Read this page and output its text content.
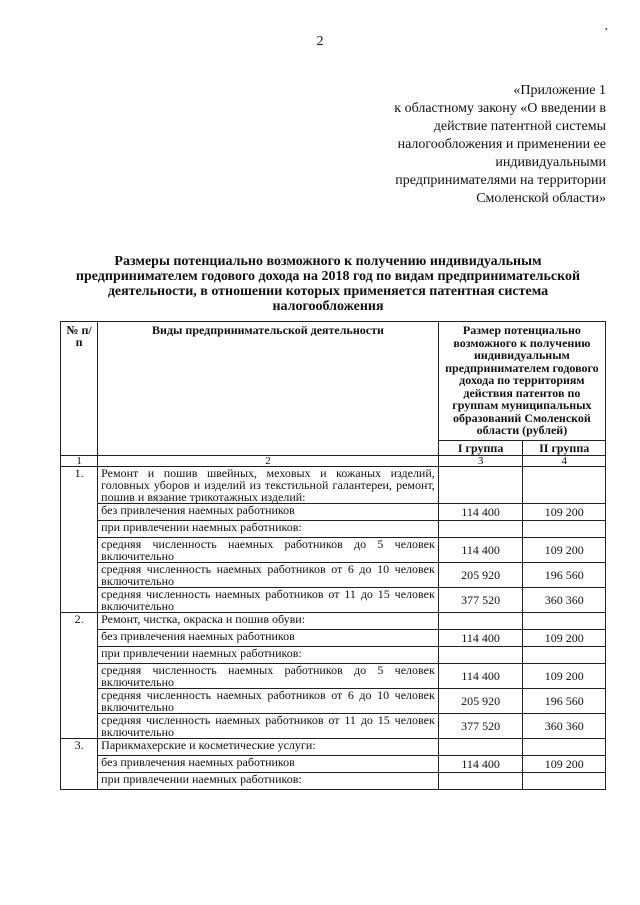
2
․
«Приложение 1
к областному закону «О введении в
действие патентной системы
налогообложения и применении ее
индивидуальными
предпринимателями на территории
Смоленской области»
Размеры потенциально возможного к получению индивидуальным
предпринимателем годового дохода на 2018 год по видам предпринимательской
деятельности, в отношении которых применяется патентная система
налогообложения
№ п/п	Виды предпринимательской деятельности	Размер потенциально возможного к получению индивидуальным предпринимателем годового дохода по территориям действия патентов по группам муниципальных образований Смоленской области (рублей)	
		I группа	II группа
1	2	3	4
1.	Ремонт и пошив швейных, меховых и кожаных изделий, головных уборов и изделий из текстильной галантереи, ремонт, пошив и вязание трикотажных изделий:		
	без привлечения наемных работников	114 400	109 200
	при привлечении наемных работников:		
	средняя численность наемных работников до 5 человек включительно	114 400	109 200
	средняя численность наемных работников от 6 до 10 человек включительно	205 920	196 560
	средняя численность наемных работников от 11 до 15 человек включительно	377 520	360 360
2.	Ремонт, чистка, окраска и пошив обуви:		
	без привлечения наемных работников	114 400	109 200
	при привлечении наемных работников:		
	средняя численность наемных работников до 5 человек включительно	114 400	109 200
	средняя численность наемных работников от 6 до 10 человек включительно	205 920	196 560
	средняя численность наемных работников от 11 до 15 человек включительно	377 520	360 360
3.	Парикмахерские и косметические услуги:		
	без привлечения наемных работников	114 400	109 200
	при привлечении наемных работников:		
